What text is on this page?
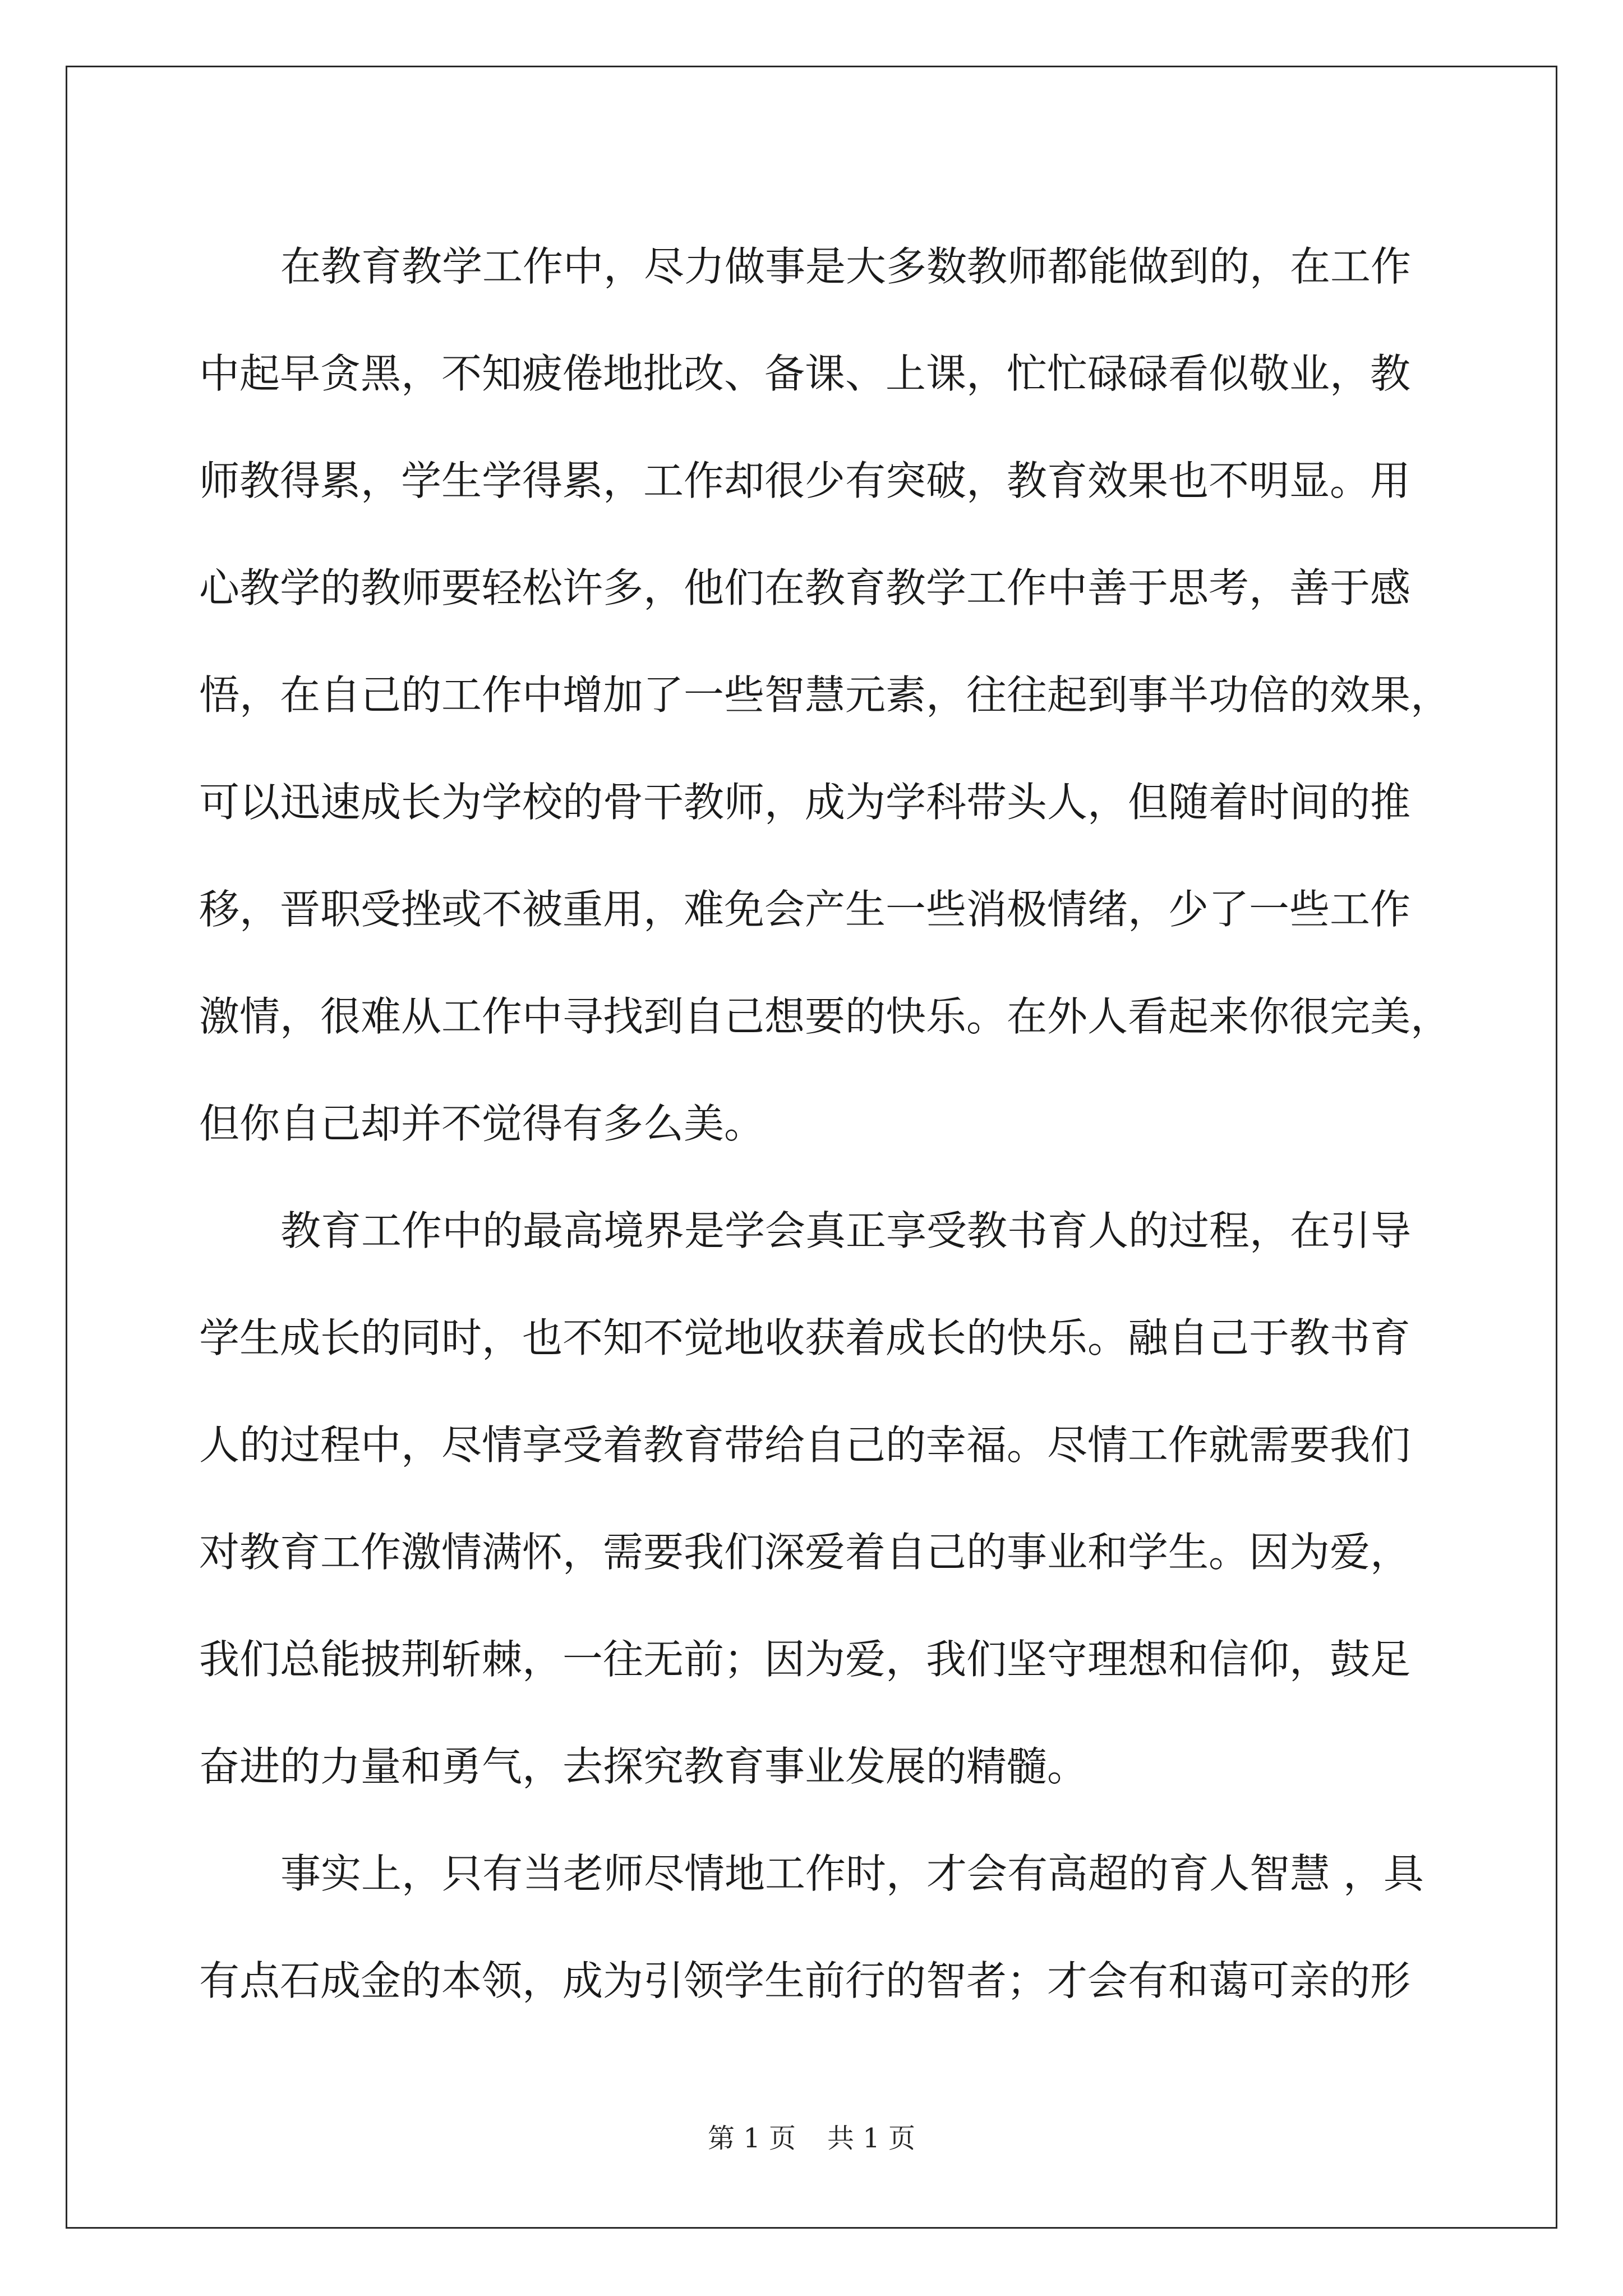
在教育教学工作中，尽力做事是大多数教师都能做到的，在工作
中起早贪黑，不知疲倦地批改、备课、上课，忙忙碌碌看似敬业，教
师教得累，学生学得累，工作却很少有突破，教育效果也不明显。用
心教学的教师要轻松许多，他们在教育教学工作中善于思考，善于感
悟，在自己的工作中增加了一些智慧元素，往往起到事半功倍的效果，
可以迅速成长为学校的骨干教师，成为学科带头人，但随着时间的推
移，晋职受挫或不被重用，难免会产生一些消极情绪，少了一些工作
激情，很难从工作中寻找到自己想要的快乐。在外人看起来你很完美，
但你自己却并不觉得有多么美。
教育工作中的最高境界是学会真正享受教书育人的过程，在引导
学生成长的同时，也不知不觉地收获着成长的快乐。融自己于教书育
人的过程中，尽情享受着教育带给自己的幸福。尽情工作就需要我们
对教育工作激情满怀，需要我们深爱着自己的事业和学生。因为爱，
我们总能披荆斩棘，一往无前；因为爱，我们坚守理想和信仰，鼓足
奋进的力量和勇气，去探究教育事业发展的精髓。
事实上，只有当老师尽情地工作时，才会有高超的育人智慧 ，具
有点石成金的本领，成为引领学生前行的智者；才会有和蔼可亲的形
第 1 页 共 1 页
